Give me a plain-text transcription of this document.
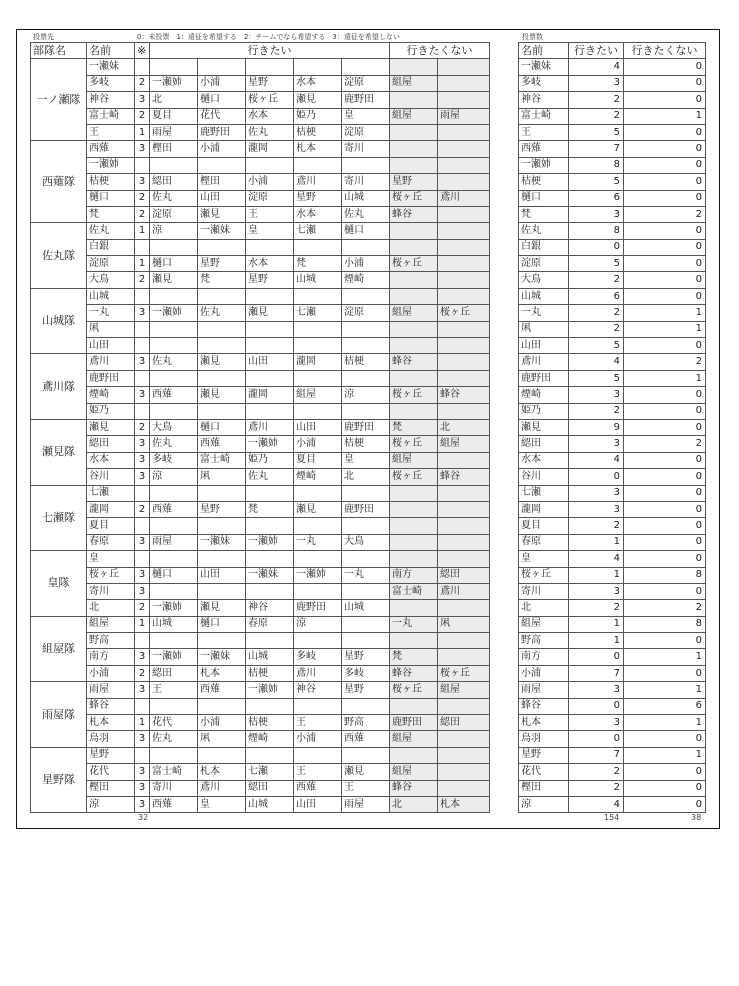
投票先	0：未投票　1：遠征を希望する　2：チームでなら希望する　3：遠征を希望しない	投票数
部隊名	名前	※	行きたい					行きたくない	
一ノ瀬隊	一瀬妹								
	多岐	2	一瀬姉	小浦	星野	水本	淀原	組屋	
	神谷	3	北	樋口	桜ヶ丘	瀬見	鹿野田		
	富士崎	2	夏目	花代	水本	姫乃	皇	組屋	雨屋
	王	1	雨屋	鹿野田	佐丸	桔梗	淀原		
西薙隊	西薙	3	樫田	小浦	瀧岡	札本	寄川		
	一瀬姉								
	桔梗	3	綛田	樫田	小浦	鳶川	寄川	星野	
	樋口	2	佐丸	山田	淀原	星野	山城	桜ヶ丘	鳶川
	梵	2	淀原	瀬見	王	水本	佐丸	蜂谷	
佐丸隊	佐丸	1	涼	一瀬妹	皇	七瀬	樋口		
	白銀								
	淀原	1	樋口	星野	水本	梵	小浦	桜ヶ丘	
	大鳥	2	瀬見	梵	星野	山城	煙崎		
山城隊	山城								
	一丸	3	一瀬姉	佐丸	瀬見	七瀬	淀原	組屋	桜ヶ丘
	凩								
	山田								
鳶川隊	鳶川	3	佐丸	瀬見	山田	瀧岡	桔梗	蜂谷	
	鹿野田								
	煙崎	3	西薙	瀬見	瀧岡	組屋	涼	桜ヶ丘	蜂谷
	姫乃								
瀬見隊	瀬見	2	大鳥	樋口	鳶川	山田	鹿野田	梵	北
	綛田	3	佐丸	西薙	一瀬姉	小浦	桔梗	桜ヶ丘	組屋
	水本	3	多岐	富士崎	姫乃	夏目	皇	組屋	
	谷川	3	涼	凩	佐丸	煙崎	北	桜ヶ丘	蜂谷
七瀬隊	七瀬								
	瀧岡	2	西薙	星野	梵	瀬見	鹿野田		
	夏目								
	春原	3	雨屋	一瀬妹	一瀬姉	一丸	大鳥		
皇隊	皇								
	桜ヶ丘	3	樋口	山田	一瀬妹	一瀬姉	一丸	南方	綛田
	寄川	3						富士崎	鳶川
	北	2	一瀬姉	瀬見	神谷	鹿野田	山城		
組屋隊	組屋	1	山城	樋口	春原	涼		一丸	凩
	野高								
	南方	3	一瀬姉	一瀬妹	山城	多岐	星野	梵	
	小浦	2	綛田	札本	桔梗	鳶川	多岐	蜂谷	桜ヶ丘
雨屋隊	雨屋	3	王	西薙	一瀬姉	神谷	星野	桜ヶ丘	組屋
	蜂谷								
	札本	1	花代	小浦	桔梗	王	野高	鹿野田	綛田
	烏羽	3	佐丸	凩	煙崎	小浦	西薙	組屋	
星野隊	星野								
	花代	3	富士崎	札本	七瀬	王	瀬見	組屋	
	樫田	3	寄川	鳶川	綛田	西薙	王	蜂谷	
	涼	3	西薙	皇	山城	山田	雨屋	北	札本
名前	行きたい	行きたくない
一瀬妹	4	0
多岐	3	0
神谷	2	0
富士崎	2	1
王	5	0
西薙	7	0
一瀬姉	8	0
桔梗	5	0
樋口	6	0
梵	3	2
佐丸	8	0
白銀	0	0
淀原	5	0
大鳥	2	0
山城	6	0
一丸	2	1
凩	2	1
山田	5	0
鳶川	4	2
鹿野田	5	1
煙崎	3	0
姫乃	2	0
瀬見	9	0
綛田	3	2
水本	4	0
谷川	0	0
七瀬	3	0
瀧岡	3	0
夏目	2	0
春原	1	0
皇	4	0
桜ヶ丘	1	8
寄川	3	0
北	2	2
組屋	1	8
野高	1	0
南方	0	1
小浦	7	0
雨屋	3	1
蜂谷	0	6
札本	3	1
烏羽	0	0
星野	7	1
花代	2	0
樫田	2	0
涼	4	0
32	154	38
